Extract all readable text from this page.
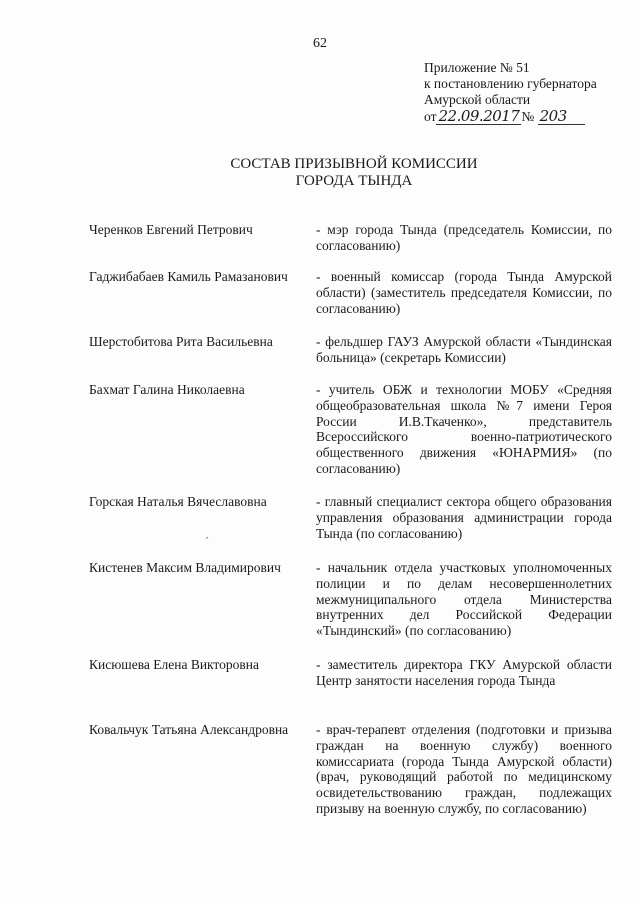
62
Приложение № 51
к постановлению губернатора
Амурской области
от 22.09.2017 № 203
СОСТАВ ПРИЗЫВНОЙ КОМИССИИ
ГОРОДА ТЫНДА
Черенков Евгений Петрович	- мэр города Тында (председатель Комиссии, по согласованию)
Гаджибабаев Камиль Рамазанович - военный комиссар (города Тында Амурской области) (заместитель председателя Комиссии, по согласованию)
Шерстобитова Рита Васильевна	- фельдшер ГАУЗ Амурской области «Тындинская больница» (секретарь Комиссии)
Бахмат Галина Николаевна	- учитель ОБЖ и технологии МОБУ «Средняя общеобразовательная школа №7 имени Героя России И.В.Ткаченко», представитель Всероссийского военно-патриотического общественного движения «ЮНАРМИЯ» (по согласованию)
Горская Наталья Вячеславовна	- главный специалист сектора общего образования управления образования администрации города Тында (по согласованию)
Кистенев Максим Владимирович	- начальник отдела участковых уполномоченных полиции и по делам несовершеннолетних межмуниципального отдела Министерства внутренних дел Российской Федерации «Тындинский» (по согласованию)
Кисюшева Елена Викторовна	- заместитель директора ГКУ Амурской области Центр занятости населения города Тында
Ковальчук Татьяна Александровна - врач-терапевт отделения (подготовки и призыва граждан на военную службу) военного комиссариата (города Тында Амурской области) (врач, руководящий работой по медицинскому освидетельствованию граждан, подлежащих призыву на военную службу, по согласованию)
´
